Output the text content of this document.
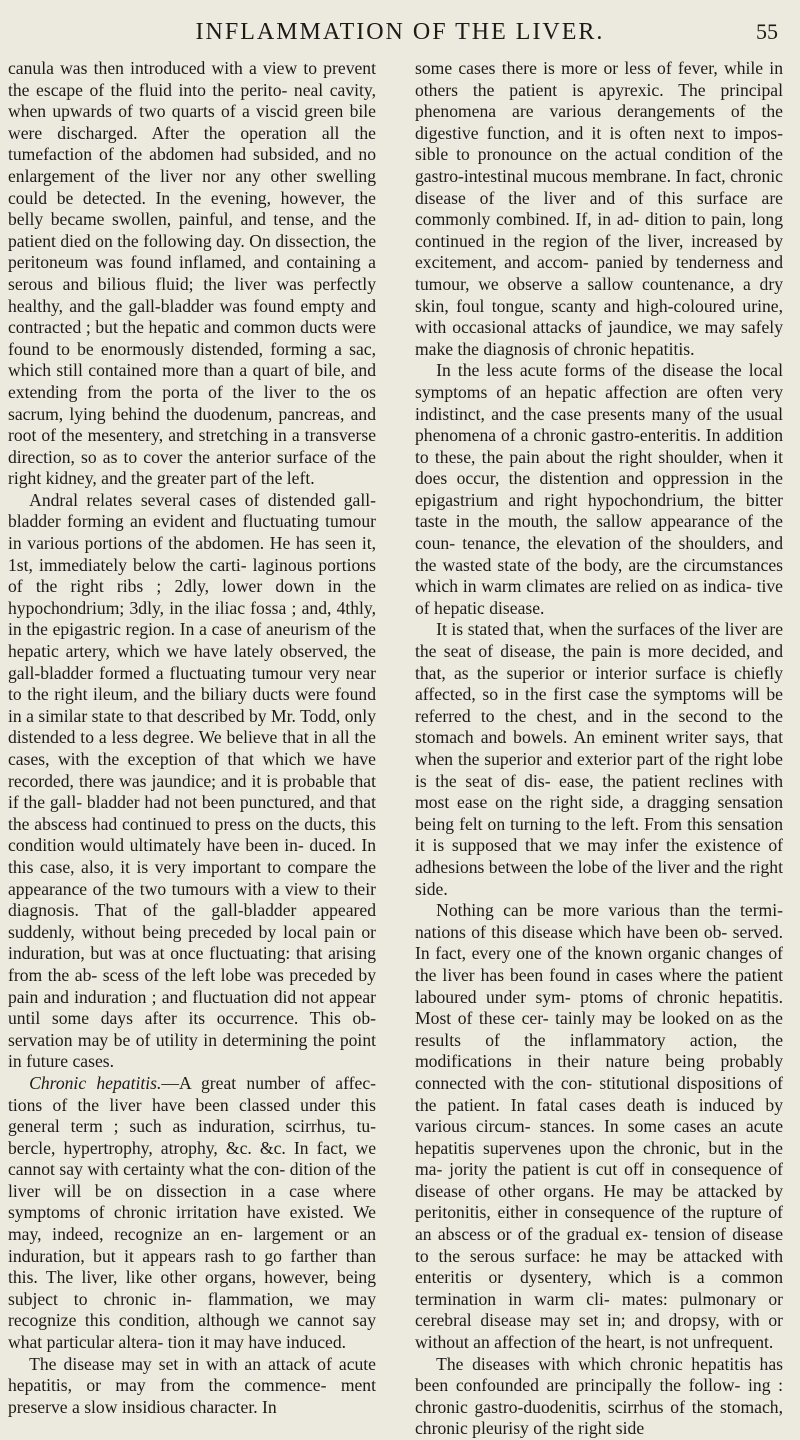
INFLAMMATION OF THE LIVER.	55

canula was then introduced with a view to prevent the escape of the fluid into the perito- neal cavity, when upwards of two quarts of a viscid green bile were discharged. After the operation all the tumefaction of the abdomen had subsided, and no enlargement of the liver nor any other swelling could be detected. In the evening, however, the belly became swollen, painful, and tense, and the patient died on the following day. On dissection, the peritoneum was found inflamed, and containing a serous and bilious fluid; the liver was perfectly healthy, and the gall-bladder was found empty and contracted ; but the hepatic and common ducts were found to be enormously distended, forming a sac, which still contained more than a quart of bile, and extending from the porta of the liver to the os sacrum, lying behind the duodenum, pancreas, and root of the mesentery, and stretching in a transverse direction, so as to cover the anterior surface of the right kidney, and the greater part of the left.

Andral relates several cases of distended gall- bladder forming an evident and fluctuating tumour in various portions of the abdomen. He has seen it, 1st, immediately below the carti- laginous portions of the right ribs ; 2dly, lower down in the hypochondrium; 3dly, in the iliac fossa ; and, 4thly, in the epigastric region. In a case of aneurism of the hepatic artery, which we have lately observed, the gall-bladder formed a fluctuating tumour very near to the right ileum, and the biliary ducts were found in a similar state to that described by Mr. Todd, only distended to a less degree. We believe that in all the cases, with the exception of that which we have recorded, there was jaundice; and it is probable that if the gall- bladder had not been punctured, and that the abscess had continued to press on the ducts, this condition would ultimately have been in- duced. In this case, also, it is very important to compare the appearance of the two tumours with a view to their diagnosis. That of the gall-bladder appeared suddenly, without being preceded by local pain or induration, but was at once fluctuating: that arising from the ab- scess of the left lobe was preceded by pain and induration ; and fluctuation did not appear until some days after its occurrence. This ob- servation may be of utility in determining the point in future cases.

Chronic hepatitis.—A great number of affec- tions of the liver have been classed under this general term ; such as induration, scirrhus, tu- bercle, hypertrophy, atrophy, &c. &c. In fact, we cannot say with certainty what the con- dition of the liver will be on dissection in a case where symptoms of chronic irritation have existed. We may, indeed, recognize an en- largement or an induration, but it appears rash to go farther than this. The liver, like other organs, however, being subject to chronic in- flammation, we may recognize this condition, although we cannot say what particular altera- tion it may have induced.

The disease may set in with an attack of acute hepatitis, or may from the commence- ment preserve a slow insidious character. In

some cases there is more or less of fever, while in others the patient is apyrexic. The principal phenomena are various derangements of the digestive function, and it is often next to impos- sible to pronounce on the actual condition of the gastro-intestinal mucous membrane. In fact, chronic disease of the liver and of this surface are commonly combined. If, in ad- dition to pain, long continued in the region of the liver, increased by excitement, and accom- panied by tenderness and tumour, we observe a sallow countenance, a dry skin, foul tongue, scanty and high-coloured urine, with occasional attacks of jaundice, we may safely make the diagnosis of chronic hepatitis.

In the less acute forms of the disease the local symptoms of an hepatic affection are often very indistinct, and the case presents many of the usual phenomena of a chronic gastro-enteritis. In addition to these, the pain about the right shoulder, when it does occur, the distention and oppression in the epigastrium and right hypochondrium, the bitter taste in the mouth, the sallow appearance of the coun- tenance, the elevation of the shoulders, and the wasted state of the body, are the circumstances which in warm climates are relied on as indica- tive of hepatic disease.

It is stated that, when the surfaces of the liver are the seat of disease, the pain is more decided, and that, as the superior or interior surface is chiefly affected, so in the first case the symptoms will be referred to the chest, and in the second to the stomach and bowels. An eminent writer says, that when the superior and exterior part of the right lobe is the seat of dis- ease, the patient reclines with most ease on the right side, a dragging sensation being felt on turning to the left. From this sensation it is supposed that we may infer the existence of adhesions between the lobe of the liver and the right side.

Nothing can be more various than the termi- nations of this disease which have been ob- served. In fact, every one of the known organic changes of the liver has been found in cases where the patient laboured under sym- ptoms of chronic hepatitis. Most of these cer- tainly may be looked on as the results of the inflammatory action, the modifications in their nature being probably connected with the con- stitutional dispositions of the patient. In fatal cases death is induced by various circum- stances. In some cases an acute hepatitis supervenes upon the chronic, but in the ma- jority the patient is cut off in consequence of disease of other organs. He may be attacked by peritonitis, either in consequence of the rupture of an abscess or of the gradual ex- tension of disease to the serous surface: he may be attacked with enteritis or dysentery, which is a common termination in warm cli- mates: pulmonary or cerebral disease may set in; and dropsy, with or without an affection of the heart, is not unfrequent.

The diseases with which chronic hepatitis has been confounded are principally the follow- ing : chronic gastro-duodenitis, scirrhus of the stomach, chronic pleurisy of the right side
